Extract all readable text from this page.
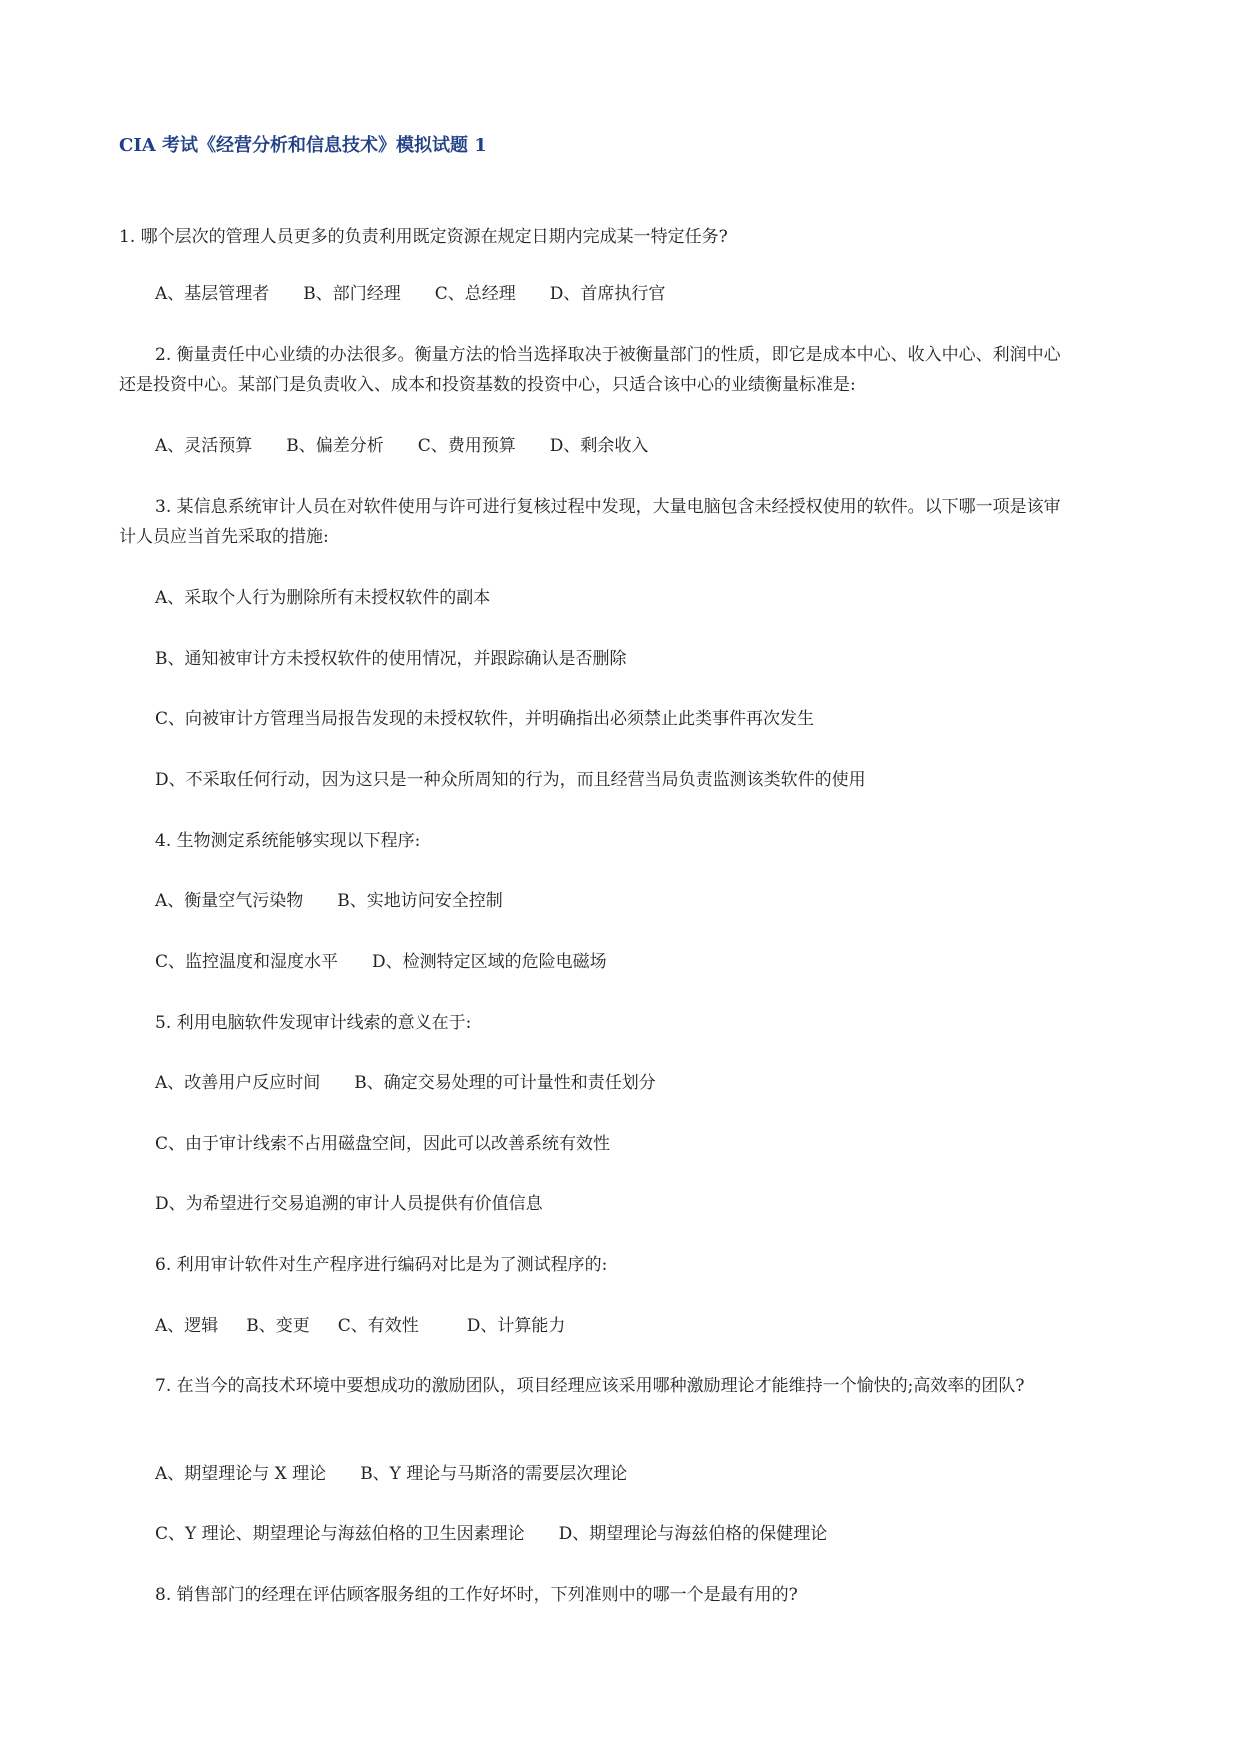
CIA 考试《经营分析和信息技术》模拟试题 1
1. 哪个层次的管理人员更多的负责利用既定资源在规定日期内完成某一特定任务?
A、基层管理者 B、部门经理 C、总经理 D、首席执行官
2. 衡量责任中心业绩的办法很多。衡量方法的恰当选择取决于被衡量部门的性质，即它是成本中心、收入中心、利润中心
还是投资中心。某部门是负责收入、成本和投资基数的投资中心，只适合该中心的业绩衡量标准是:
A、灵活预算 B、偏差分析 C、费用预算 D、剩余收入
3. 某信息系统审计人员在对软件使用与许可进行复核过程中发现，大量电脑包含未经授权使用的软件。以下哪一项是该审
计人员应当首先采取的措施:
A、采取个人行为删除所有未授权软件的副本
B、通知被审计方未授权软件的使用情况，并跟踪确认是否删除
C、向被审计方管理当局报告发现的未授权软件，并明确指出必须禁止此类事件再次发生
D、不采取任何行动，因为这只是一种众所周知的行为，而且经营当局负责监测该类软件的使用
4. 生物测定系统能够实现以下程序:
A、衡量空气污染物 B、实地访问安全控制
C、监控温度和湿度水平 D、检测特定区域的危险电磁场
5. 利用电脑软件发现审计线索的意义在于:
A、改善用户反应时间 B、确定交易处理的可计量性和责任划分
C、由于审计线索不占用磁盘空间，因此可以改善系统有效性
D、为希望进行交易追溯的审计人员提供有价值信息
6. 利用审计软件对生产程序进行编码对比是为了测试程序的:
A、逻辑 B、变更 C、有效性	D、计算能力
7. 在当今的高技术环境中要想成功的激励团队，项目经理应该采用哪种激励理论才能维持一个愉快的;高效率的团队?
A、期望理论与 X 理论 B、Y 理论与马斯洛的需要层次理论
C、Y 理论、期望理论与海兹伯格的卫生因素理论 D、期望理论与海兹伯格的保健理论
8. 销售部门的经理在评估顾客服务组的工作好坏时，下列准则中的哪一个是最有用的?
